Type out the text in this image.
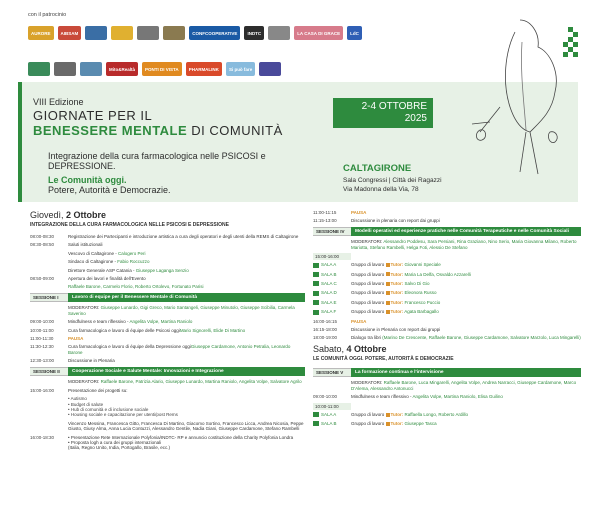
con il patrocinio
AURORE	AIBSAM	CONFCOOPERATIVE	INDTC	LA CASA DI GRACE	LdC
Mito&Realtà	PONTI DI VISTA	PHARMALINK	Si può fare
VIII Edizione
GIORNATE PER IL
BENESSERE MENTALE DI COMUNITÀ
Integrazione della cura farmacologica nelle PSICOSI e DEPRESSIONE.
Le Comunità oggi.
Potere, Autorità e Democrazie.
2-4 OTTOBRE
2025
CALTAGIRONE
Sala Congressi | Città dei Ragazzi
Via Madonna della Via, 78
Giovedì, 2 Ottobre
INTEGRAZIONE DELLA CURA FARMACOLOGICA NELLE PSICOSI E DEPRESSIONE
08:00-08:30	Registrazione dei Partecipanti e introduzione artistica a cura degli operatori e degli utenti della REMS di Caltagirone
08:30-08:50	Saluti istituzionali
Vescovo di Caltagirone - Calogero Peri
Sindaco di Caltagirone - Fabio Roccuzzo
Direttore Generale ASP Catania - Giuseppe Laganga Senzio
08:50-09:00	Apertura dei lavori e finalità dell'Evento
Raffaele Barone, Carmelo Florio, Roberto Ortolevo, Fortunato Parisi
SESSIONE I	Lavoro di equipe per il Benessere Mentale di Comunità
MODERATORI: Giuseppe Lunardo, Gigi Greco, Mario Santangeli, Giuseppe Minutolo, Giuseppe Scibilia, Carmela Saverino
09:00-10:00	Mindfulness e team riflessivo - Angelita Volpe, Martina Raniolo
10:00-11:00	Cura farmacologica e lavoro di équipe delle Psicosi oggiMario Signorelli, Elide Di Martino
11:00-11:30	PAUSA
11:30-12:30	Cura farmacologica e lavoro di équipe della Depressione oggiGiuseppe Cardamone, Antonio Petralia, Leonardo Barone
12:30-13:00	Discussione in Plenaria
SESSIONE II	Cooperazione Sociale e Salute Mentale: Innovazioni e Integrazione
MODERATORI: Raffaele Barone, Patrizia Alario, Giuseppe Lunardo, Martina Raniolo, Angelita Volpe, Salvatore Agrilo
15:00-16:00	Presentazione dei progetti su:
• Autismo
• Budget di salute
• Hub di comunità e di inclusione sociale
• Housing sociale e capacitazione per utenti/post Rems
Vincenzo Messina, Francesca Gitto, Francesca Di Martino, Giacomo Sortino, Francesco Licca, Andrea Nicosia, Peppe Giusto, Giusy Alma, Anna Lucia Contuzzi, Alessandro Gentile, Nadia Giani, Giuseppe Cardamone, Stefano Rambelli
16:00-18:30	• Presentazione Rete Internazionale Polyfonia/INDTC- RP e annuncio costituzione della Charity Polyfonia Londra
• Proposta logh a cura dei gruppi internazionali
(Italia, Regno Unito, India, Portogallo, Brasile, ecc.)
11:00-11:15	PAUSA
11:15-13:00	Discussione in plenaria con report dai gruppi
SESSIONE IV	Modelli operativi ed esperienze pratiche nelle Comunità Terapeutiche e nelle Comunità Sociali
MODERATORI: Alessandro Poddesu, Sara Persiani, Rina Graziano, Nino Serio, Maria Giovanna Milano, Roberto Mariotta, Stefano Rambelli, Helga Foti, Alessio De Stefano
15:00-16:00
SALA A	Gruppo di lavoro Tutor: Giovanni Speciale
SALA B	Gruppo di lavoro Tutor: Maria La Delfa, Osvaldo Azzarelli
SALA C	Gruppo di lavoro Tutor: Salvo Di Gio
SALA D	Gruppo di lavoro Tutor: Eleonora Russo
SALA E	Gruppo di lavoro Tutor: Francesco Puccio
SALA F	Gruppo di lavoro Tutor: Agata Barbagallo
16:00-16:15	PAUSA
16:15-18:00	Discussione in Plenaria con report dai gruppi
18:00-19:00	Dialogo tra libri (Marino De Crescente, Raffaele Barone, Giuseppe Cardamone, Salvatore Marzolo, Luca Mingarelli)
Sabato, 4 Ottobre
LE COMUNITÀ OGGI. POTERE, AUTORITÀ E DEMOCRAZIE
SESSIONE V	La formazione continua e l'intervisione
MODERATORI: Raffaele Barone, Luca Mingarelli, Angelita Volpe, Andrea Narracci, Giuseppe Cardamone, Marco D'Alema, Alessandro Antonucci
09:00-10:00	Mindfulness e team riflessivo - Angelita Volpe, Martina Raniolo, Elisa Guilino
10:00-11:00
SALA A	Gruppo di lavoro Tutor: Raffaella Longo, Roberto Ardillo
SALA B	Gruppo di lavoro Tutor: Giuseppe Tasca
